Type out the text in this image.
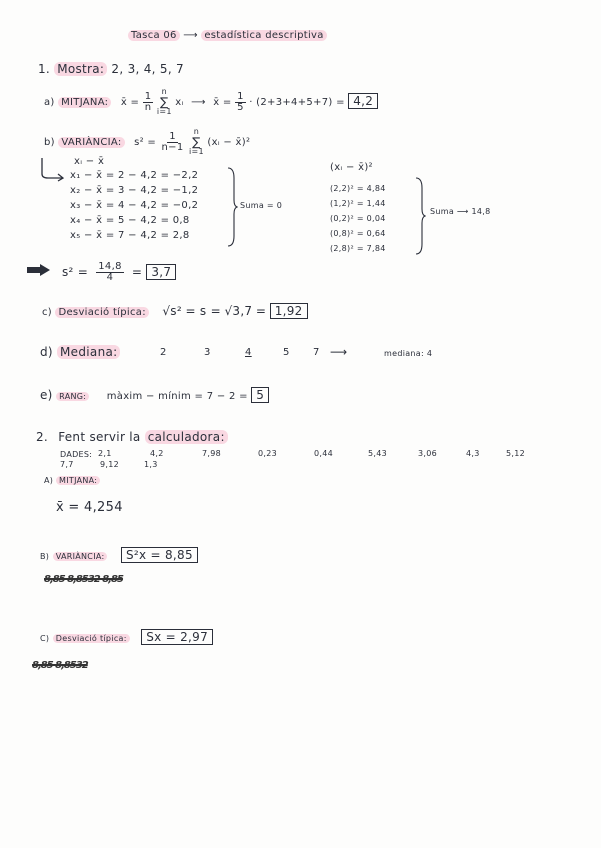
Tasca 06 ⟶ estadística descriptiva
1. Mostra: 2, 3, 4, 5, 7
a) MITJANA: x̄ = $\frac{1}{n}$
n
∑
i=1
xᵢ ⟶ x̄ = $\frac{1}{5} \cdot (2+3+4+5+7) = 4,2$
b) VARIÀNCIA: $s^2 = \frac{1}{n-1}$
n
∑
i=1
(xᵢ − x̄)²
xᵢ − x̄
x₁ − x̄ = 2 − 4,2 = −2,2
x₂ − x̄ = 3 − 4,2 = −1,2
x₃ − x̄ = 4 − 4,2 = −0,2
x₄ − x̄ = 5 − 4,2 = 0,8
x₅ − x̄ = 7 − 4,2 = 2,8
Suma = 0
(xᵢ − x̄)²
(2,2)² = 4,84
(1,2)² = 1,44
(0,2)² = 0,04
(0,8)² = 0,64
(2,8)² = 7,84
Suma ⟶ 14,8
$s^2 = \frac{14,8}{4} = 3,7$
c) Desviació típica: √s² = s = √3,7 = 1,92
d) Mediana:	2	3	4	5 7 ⟶	mediana: 4
e) RANG: màxim − mínim = 7 − 2 = 5
2. Fent servir la calculadora:
DADES: 2,1	4,2	7,98	0,23	0,44	5,43	3,06	4,3	5,12
7,7	9,12	1,3
A) MITJANA:
x̄ = 4,254
B) VARIÀNCIA: S²x = 8,85
8,85 8,8532 8,85
C) Desviació típica: Sx = 2,97
8,85 8,8532
